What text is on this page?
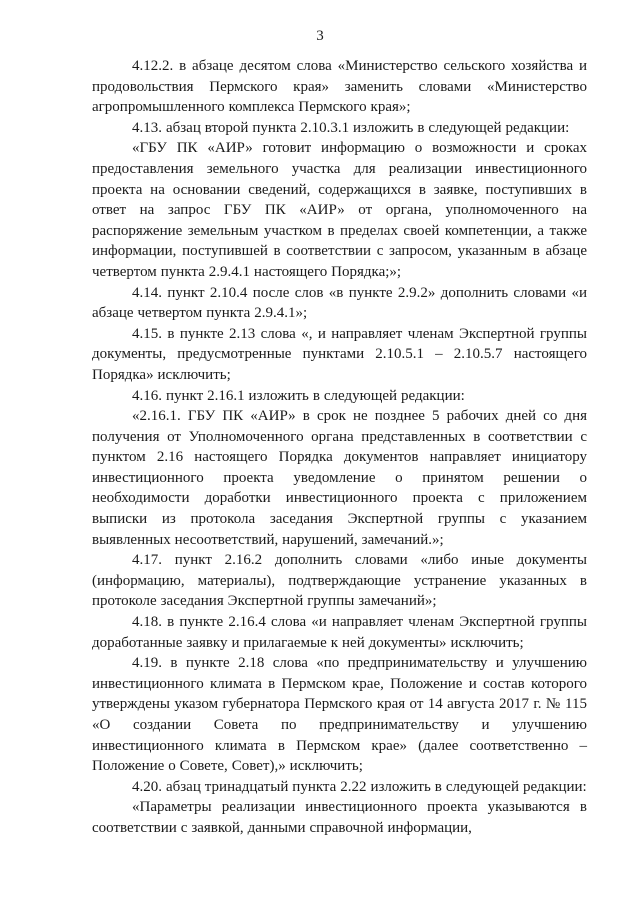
3

4.12.2. в абзаце десятом слова «Министерство сельского хозяйства и продовольствия Пермского края» заменить словами «Министерство агропромышленного комплекса Пермского края»;

4.13. абзац второй пункта 2.10.3.1 изложить в следующей редакции:

«ГБУ ПК «АИР» готовит информацию о возможности и сроках предоставления земельного участка для реализации инвестиционного проекта на основании сведений, содержащихся в заявке, поступивших в ответ на запрос ГБУ ПК «АИР» от органа, уполномоченного на распоряжение земельным участком в пределах своей компетенции, а также информации, поступившей в соответствии с запросом, указанным в абзаце четвертом пункта 2.9.4.1 настоящего Порядка;»;

4.14. пункт 2.10.4 после слов «в пункте 2.9.2» дополнить словами «и абзаце четвертом пункта 2.9.4.1»;

4.15. в пункте 2.13 слова «, и направляет членам Экспертной группы документы, предусмотренные пунктами 2.10.5.1 – 2.10.5.7 настоящего Порядка» исключить;

4.16. пункт 2.16.1 изложить в следующей редакции:

«2.16.1. ГБУ ПК «АИР» в срок не позднее 5 рабочих дней со дня получения от Уполномоченного органа представленных в соответствии с пунктом 2.16 настоящего Порядка документов направляет инициатору инвестиционного проекта уведомление о принятом решении о необходимости доработки инвестиционного проекта с приложением выписки из протокола заседания Экспертной группы с указанием выявленных несоответствий, нарушений, замечаний.»;

4.17. пункт 2.16.2 дополнить словами «либо иные документы (информацию, материалы), подтверждающие устранение указанных в протоколе заседания Экспертной группы замечаний»;

4.18. в пункте 2.16.4 слова «и направляет членам Экспертной группы доработанные заявку и прилагаемые к ней документы» исключить;

4.19. в пункте 2.18 слова «по предпринимательству и улучшению инвестиционного климата в Пермском крае, Положение и состав которого утверждены указом губернатора Пермского края от 14 августа 2017 г. № 115 «О создании Совета по предпринимательству и улучшению инвестиционного климата в Пермском крае» (далее соответственно – Положение о Совете, Совет),» исключить;

4.20. абзац тринадцатый пункта 2.22 изложить в следующей редакции:

«Параметры реализации инвестиционного проекта указываются в соответствии с заявкой, данными справочной информации,
